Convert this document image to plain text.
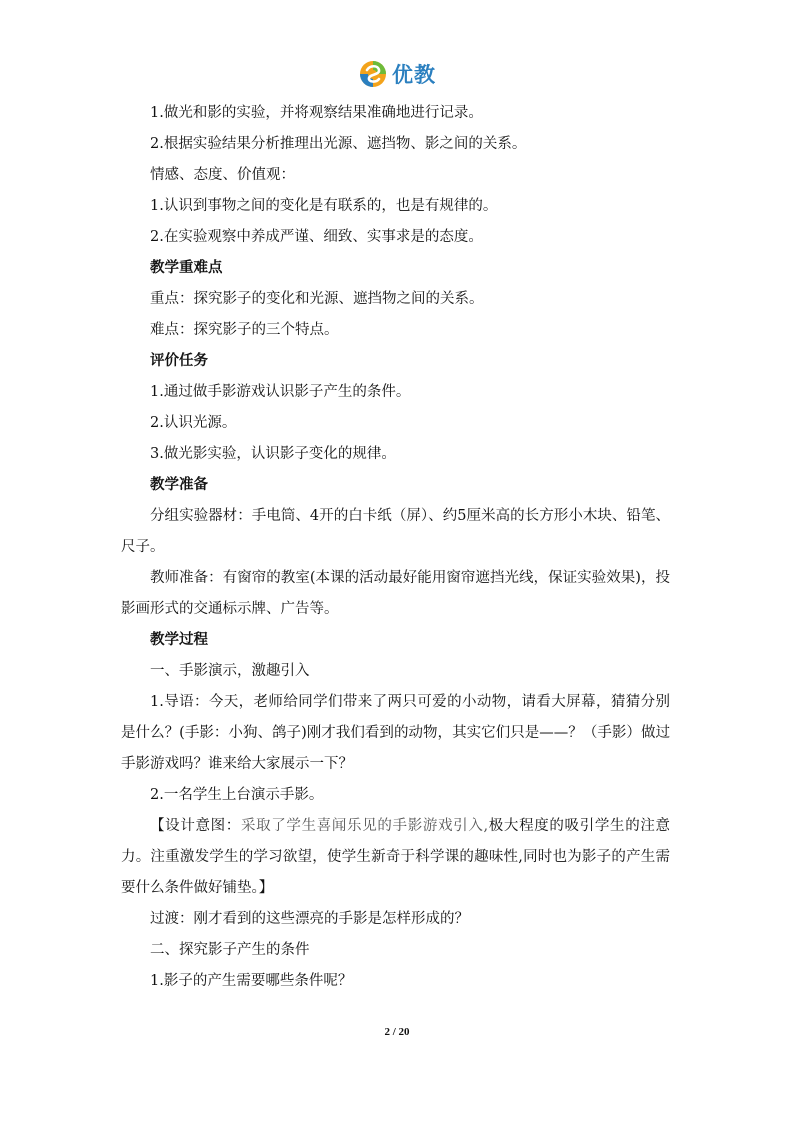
优教
1.做光和影的实验，并将观察结果准确地进行记录。
2.根据实验结果分析推理出光源、遮挡物、影之间的关系。
情感、态度、价值观：
1.认识到事物之间的变化是有联系的，也是有规律的。
2.在实验观察中养成严谨、细致、实事求是的态度。
教学重难点
重点：探究影子的变化和光源、遮挡物之间的关系。
难点：探究影子的三个特点。
评价任务
1.通过做手影游戏认识影子产生的条件。
2.认识光源。
3.做光影实验，认识影子变化的规律。
教学准备

分组实验器材：手电筒、4开的白卡纸（屏）、约5厘米高的长方形小木块、铅笔、尺子。

教师准备：有窗帘的教室(本课的活动最好能用窗帘遮挡光线，保证实验效果)，投影画形式的交通标示牌、广告等。

教学过程
一、手影演示，激趣引入

1.导语：今天，老师给同学们带来了两只可爱的小动物，请看大屏幕，猜猜分别是什么？(手影：小狗、鸽子)刚才我们看到的动物，其实它们只是——？（手影）做过手影游戏吗？谁来给大家展示一下？

2.一名学生上台演示手影。

【设计意图：采取了学生喜闻乐见的手影游戏引入,极大程度的吸引学生的注意力。注重激发学生的学习欲望，使学生新奇于科学课的趣味性,同时也为影子的产生需要什么条件做好铺垫。】

过渡：刚才看到的这些漂亮的手影是怎样形成的？
二、探究影子产生的条件
1.影子的产生需要哪些条件呢？
2 / 20
